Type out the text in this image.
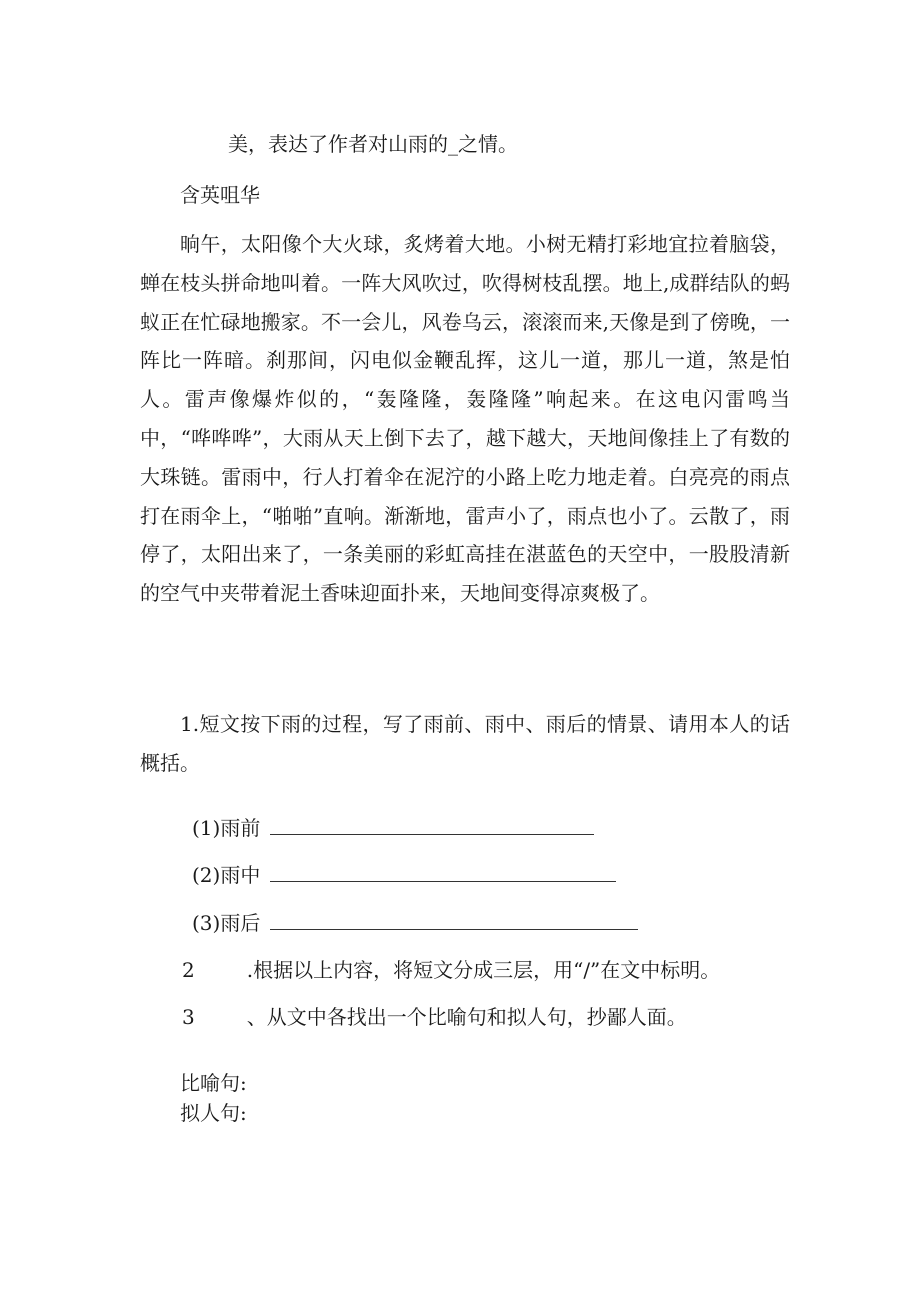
美，表达了作者对山雨的_之情。
含英咀华
晌午，太阳像个大火球，炙烤着大地。小树无精打彩地宜拉着脑袋，蝉在枝头拼命地叫着。一阵大风吹过，吹得树枝乱摆。地上,成群结队的蚂蚁正在忙碌地搬家。不一会儿，风卷乌云，滚滚而来,天像是到了傍晚，一阵比一阵暗。刹那间，闪电似金鞭乱挥，这儿一道，那儿一道，煞是怕人。雷声像爆炸似的，“轰隆隆，轰隆隆”响起来。在这电闪雷鸣当中，“哗哗哗”，大雨从天上倒下去了，越下越大，天地间像挂上了有数的大珠链。雷雨中，行人打着伞在泥泞的小路上吃力地走着。白亮亮的雨点打在雨伞上，“啪啪”直响。渐渐地，雷声小了，雨点也小了。云散了，雨停了，太阳出来了，一条美丽的彩虹高挂在湛蓝色的天空中，一股股清新的空气中夹带着泥土香味迎面扑来，天地间变得凉爽极了。
1.短文按下雨的过程，写了雨前、雨中、雨后的情景、请用本人的话概括。
(1)雨前
(2)雨中
(3)雨后
2	.根据以上内容，将短文分成三层，用“/”在文中标明。
3	、从文中各找出一个比喻句和拟人句，抄鄙人面。
比喻句:
拟人句:
